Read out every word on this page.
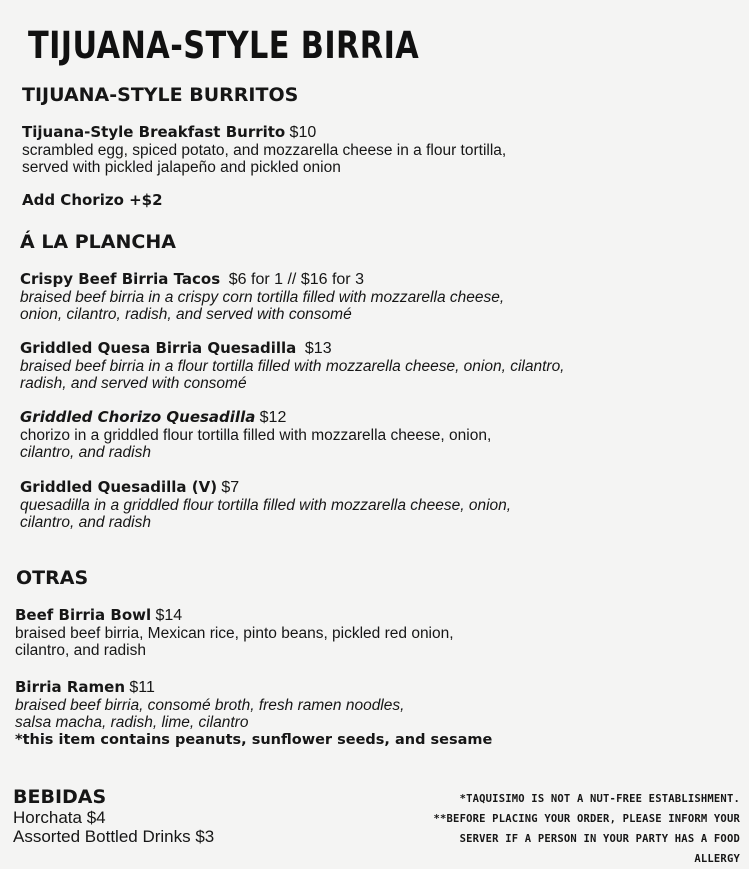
TIJUANA-STYLE BIRRIA
TIJUANA-STYLE BURRITOS
Tijuana-Style Breakfast Burrito $10
scrambled egg, spiced potato, and mozzarella cheese in a flour tortilla,
served with pickled jalapeño and pickled onion
Add Chorizo +$2
Á LA PLANCHA
Crispy Beef Birria Tacos $6 for 1 // $16 for 3
braised beef birria in a crispy corn tortilla filled with mozzarella cheese,
onion, cilantro, radish, and served with consomé
Griddled Quesa Birria Quesadilla $13
braised beef birria in a flour tortilla filled with mozzarella cheese, onion, cilantro,
radish, and served with consomé
Griddled Chorizo Quesadilla $12
chorizo in a griddled flour tortilla filled with mozzarella cheese, onion,
cilantro, and radish
Griddled Quesadilla (V) $7
quesadilla in a griddled flour tortilla filled with mozzarella cheese, onion,
cilantro, and radish
OTRAS
Beef Birria Bowl $14
braised beef birria, Mexican rice, pinto beans, pickled red onion,
cilantro, and radish
Birria Ramen $11
braised beef birria, consomé broth, fresh ramen noodles,
salsa macha, radish, lime, cilantro
*this item contains peanuts, sunflower seeds, and sesame
BEBIDAS
Horchata $4
Assorted Bottled Drinks $3
*TAQUISIMO IS NOT A NUT-FREE ESTABLISHMENT.
**BEFORE PLACING YOUR ORDER, PLEASE INFORM YOUR
SERVER IF A PERSON IN YOUR PARTY HAS A FOOD ALLERGY
